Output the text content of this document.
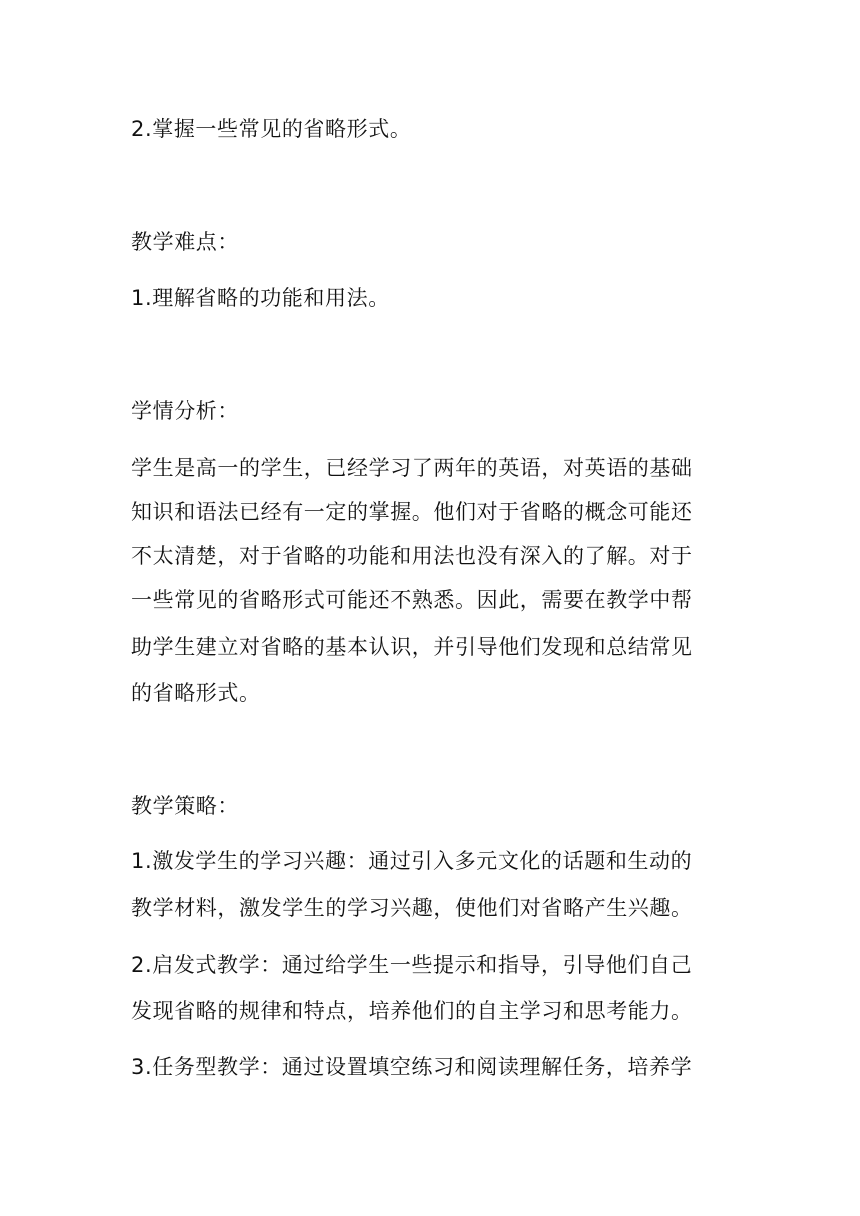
2.掌握一些常见的省略形式。
教学难点：
1.理解省略的功能和用法。
学情分析：
学生是高一的学生，已经学习了两年的英语，对英语的基础
知识和语法已经有一定的掌握。他们对于省略的概念可能还
不太清楚，对于省略的功能和用法也没有深入的了解。对于
一些常见的省略形式可能还不熟悉。因此，需要在教学中帮
助学生建立对省略的基本认识，并引导他们发现和总结常见
的省略形式。
教学策略：
1.激发学生的学习兴趣：通过引入多元文化的话题和生动的
教学材料，激发学生的学习兴趣，使他们对省略产生兴趣。
2.启发式教学：通过给学生一些提示和指导，引导他们自己
发现省略的规律和特点，培养他们的自主学习和思考能力。
3.任务型教学：通过设置填空练习和阅读理解任务，培养学
